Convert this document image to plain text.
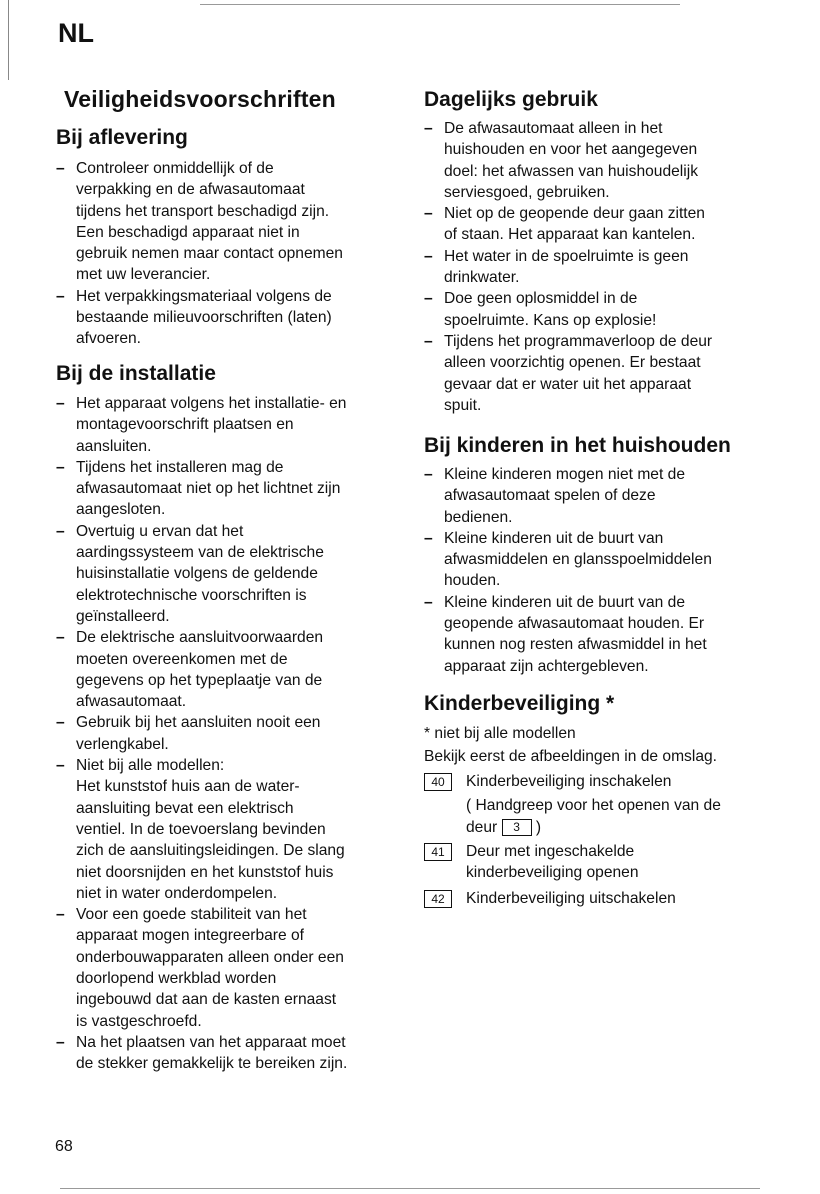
NL
Veiligheidsvoorschriften
Bij aflevering
– Controleer onmiddellijk of de
verpakking en de afwasautomaat
tijdens het transport beschadigd zijn.
Een beschadigd apparaat niet in
gebruik nemen maar contact opnemen
met uw leverancier.
– Het verpakkingsmateriaal volgens de
bestaande milieuvoorschriften (laten)
afvoeren.
Bij de installatie
– Het apparaat volgens het installatie- en
montagevoorschrift plaatsen en
aansluiten.
– Tijdens het installeren mag de
afwasautomaat niet op het lichtnet zijn
aangesloten.
– Overtuig u ervan dat het
aardingssysteem van de elektrische
huisinstallatie volgens de geldende
elektrotechnische voorschriften is
geïnstalleerd.
– De elektrische aansluitvoorwaarden
moeten overeenkomen met de
gegevens op het typeplaatje van de
afwasautomaat.
– Gebruik bij het aansluiten nooit een
verlengkabel.
– Niet bij alle modellen:
Het kunststof huis aan de water-
aansluiting bevat een elektrisch
ventiel. In de toevoerslang bevinden
zich de aansluitingsleidingen. De slang
niet doorsnijden en het kunststof huis
niet in water onderdompelen.
– Voor een goede stabiliteit van het
apparaat mogen integreerbare of
onderbouwapparaten alleen onder een
doorlopend werkblad worden
ingebouwd dat aan de kasten ernaast
is vastgeschroefd.
– Na het plaatsen van het apparaat moet
de stekker gemakkelijk te bereiken zijn.
Dagelijks gebruik
– De afwasautomaat alleen in het
huishouden en voor het aangegeven
doel: het afwassen van huishoudelijk
serviesgoed, gebruiken.
– Niet op de geopende deur gaan zitten
of staan. Het apparaat kan kantelen.
– Het water in de spoelruimte is geen
drinkwater.
– Doe geen oplosmiddel in de
spoelruimte. Kans op explosie!
– Tijdens het programmaverloop de deur
alleen voorzichtig openen. Er bestaat
gevaar dat er water uit het apparaat
spuit.
Bij kinderen in het huishouden
– Kleine kinderen mogen niet met de
afwasautomaat spelen of deze
bedienen.
– Kleine kinderen uit de buurt van
afwasmiddelen en glansspoelmiddelen
houden.
– Kleine kinderen uit de buurt van de
geopende afwasautomaat houden. Er
kunnen nog resten afwasmiddel in het
apparaat zijn achtergebleven.
Kinderbeveiliging *
* niet bij alle modellen
Bekijk eerst de afbeeldingen in de omslag.
40	Kinderbeveiliging inschakelen
( Handgreep voor het openen van de
deur 3 )
41	Deur met ingeschakelde
kinderbeveiliging openen
42	Kinderbeveiliging uitschakelen
68
